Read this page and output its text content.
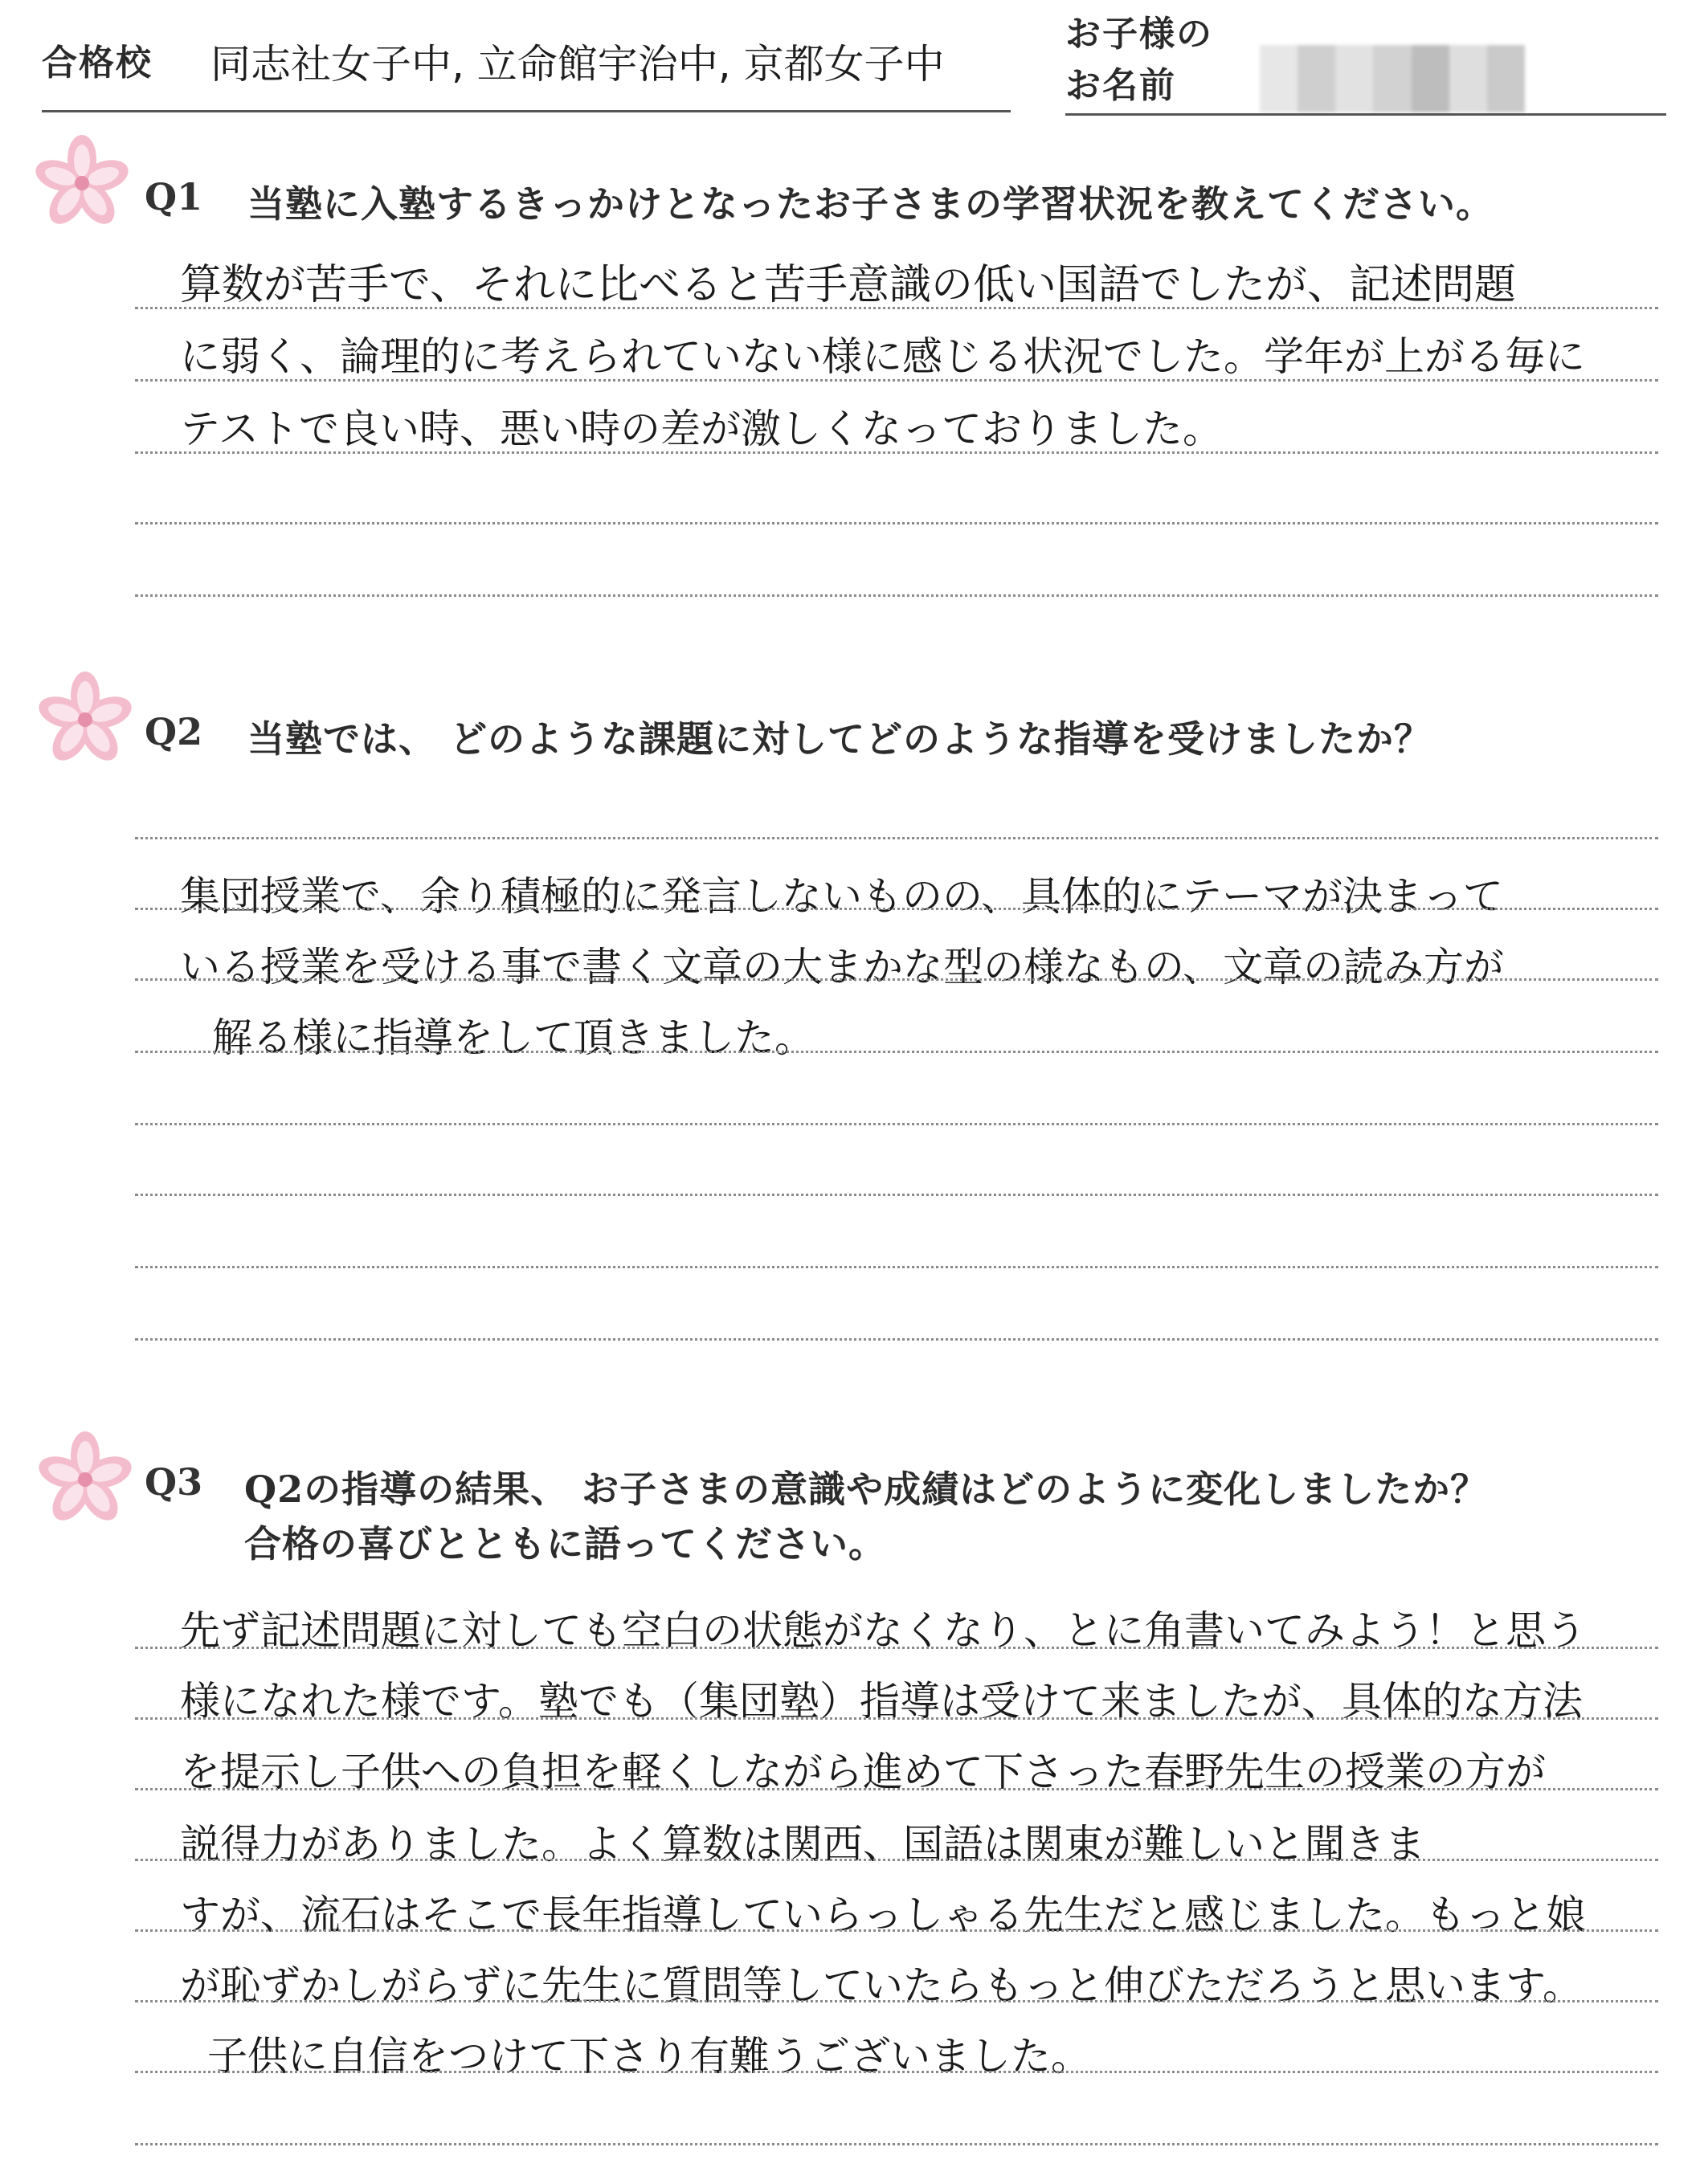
合格校 同志社女子中, 立命館宇治中, 京都女子中
お子様の
お名前
Q1 当塾に入塾するきっかけとなったお子さまの学習状況を教えてください。
算数が苦手で、それに比べると苦手意識の低い国語でしたが、記述問題
に弱く、論理的に考えられていない様に感じる状況でした。学年が上がる毎に
テストで良い時、悪い時の差が激しくなっておりました。
Q2 当塾では、 どのような課題に対してどのような指導を受けましたか？
集団授業で、余り積極的に発言しないものの、具体的にテーマが決まって
いる授業を受ける事で書く文章の大まかな型の様なもの、文章の読み方が
解る様に指導をして頂きました。
Q3 Q2の指導の結果、 お子さまの意識や成績はどのように変化しましたか？
合格の喜びとともに語ってください。
先ず記述問題に対しても空白の状態がなくなり、とに角書いてみよう！と思う
様になれた様です。塾でも（集団塾）指導は受けて来ましたが、具体的な方法
を提示し子供への負担を軽くしながら進めて下さった春野先生の授業の方が
説得力がありました。よく算数は関西、国語は関東が難しいと聞きま
すが、流石はそこで長年指導していらっしゃる先生だと感じました。もっと娘
が恥ずかしがらずに先生に質問等していたらもっと伸びただろうと思います。
子供に自信をつけて下さり有難うございました。
